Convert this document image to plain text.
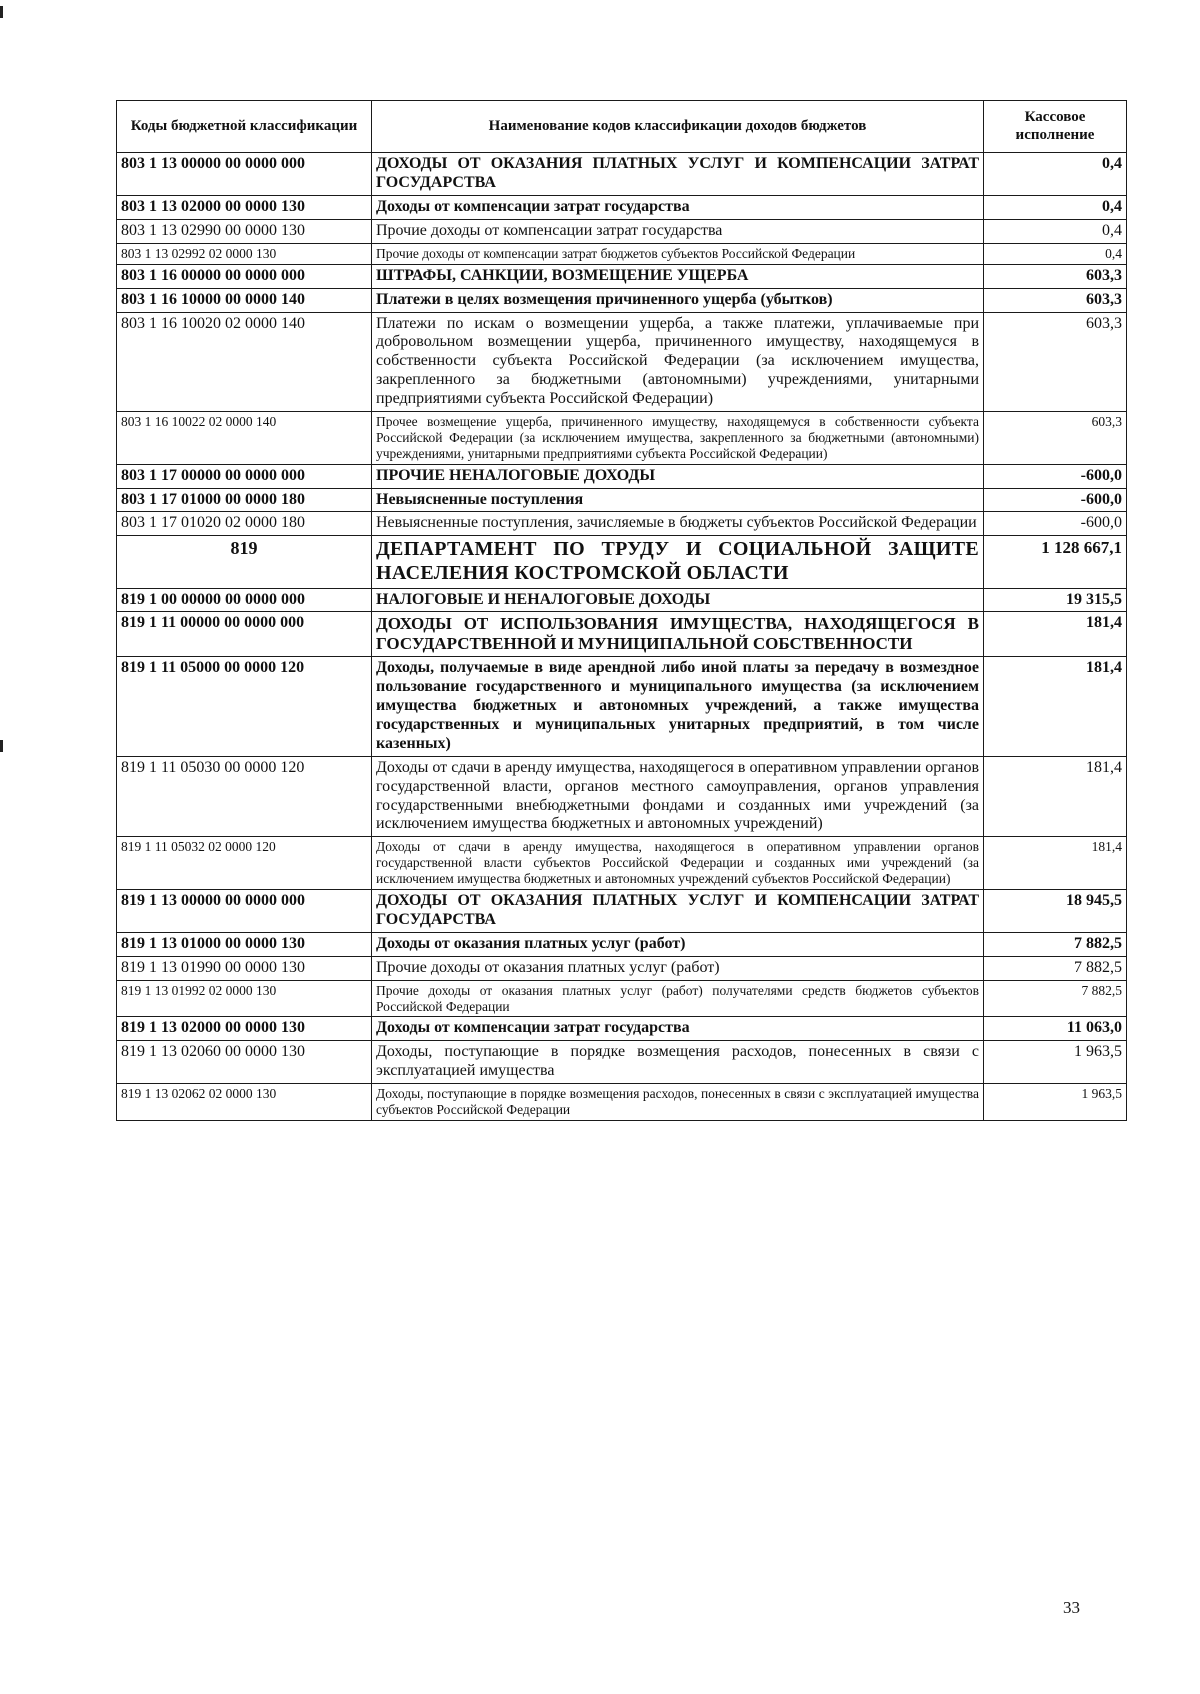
Коды бюджетной классификации	Наименование кодов классификации доходов бюджетов	Кассовое исполнение
803 1 13 00000 00 0000 000	ДОХОДЫ ОТ ОКАЗАНИЯ ПЛАТНЫХ УСЛУГ И КОМПЕНСАЦИИ ЗАТРАТ ГОСУДАРСТВА	0,4
803 1 13 02000 00 0000 130	Доходы от компенсации затрат государства	0,4
803 1 13 02990 00 0000 130	Прочие доходы от компенсации затрат государства	0,4
803 1 13 02992 02 0000 130	Прочие доходы от компенсации затрат бюджетов субъектов Российской Федерации	0,4
803 1 16 00000 00 0000 000	ШТРАФЫ, САНКЦИИ, ВОЗМЕЩЕНИЕ УЩЕРБА	603,3
803 1 16 10000 00 0000 140	Платежи в целях возмещения причиненного ущерба (убытков)	603,3
803 1 16 10020 02 0000 140	Платежи по искам о возмещении ущерба, а также платежи, уплачиваемые при добровольном возмещении ущерба, причиненного имуществу, находящемуся в собственности субъекта Российской Федерации (за исключением имущества, закрепленного за бюджетными (автономными) учреждениями, унитарными предприятиями субъекта Российской Федерации)	603,3
803 1 16 10022 02 0000 140	Прочее возмещение ущерба, причиненного имуществу, находящемуся в собственности субъекта Российской Федерации (за исключением имущества, закрепленного за бюджетными (автономными) учреждениями, унитарными предприятиями субъекта Российской Федерации)	603,3
803 1 17 00000 00 0000 000	ПРОЧИЕ НЕНАЛОГОВЫЕ ДОХОДЫ	-600,0
803 1 17 01000 00 0000 180	Невыясненные поступления	-600,0
803 1 17 01020 02 0000 180	Невыясненные поступления, зачисляемые в бюджеты субъектов Российской Федерации	-600,0
819	ДЕПАРТАМЕНТ ПО ТРУДУ И СОЦИАЛЬНОЙ ЗАЩИТЕ НАСЕЛЕНИЯ КОСТРОМСКОЙ ОБЛАСТИ	1 128 667,1
819 1 00 00000 00 0000 000	НАЛОГОВЫЕ И НЕНАЛОГОВЫЕ ДОХОДЫ	19 315,5
819 1 11 00000 00 0000 000	ДОХОДЫ ОТ ИСПОЛЬЗОВАНИЯ ИМУЩЕСТВА, НАХОДЯЩЕГОСЯ В ГОСУДАРСТВЕННОЙ И МУНИЦИПАЛЬНОЙ СОБСТВЕННОСТИ	181,4
819 1 11 05000 00 0000 120	Доходы, получаемые в виде арендной либо иной платы за передачу в возмездное пользование государственного и муниципального имущества (за исключением имущества бюджетных и автономных учреждений, а также имущества государственных и муниципальных унитарных предприятий, в том числе казенных)	181,4
819 1 11 05030 00 0000 120	Доходы от сдачи в аренду имущества, находящегося в оперативном управлении органов государственной власти, органов местного самоуправления, органов управления государственными внебюджетными фондами и созданных ими учреждений (за исключением имущества бюджетных и автономных учреждений)	181,4
819 1 11 05032 02 0000 120	Доходы от сдачи в аренду имущества, находящегося в оперативном управлении органов государственной власти субъектов Российской Федерации и созданных ими учреждений (за исключением имущества бюджетных и автономных учреждений субъектов Российской Федерации)	181,4
819 1 13 00000 00 0000 000	ДОХОДЫ ОТ ОКАЗАНИЯ ПЛАТНЫХ УСЛУГ И КОМПЕНСАЦИИ ЗАТРАТ ГОСУДАРСТВА	18 945,5
819 1 13 01000 00 0000 130	Доходы от оказания платных услуг (работ)	7 882,5
819 1 13 01990 00 0000 130	Прочие доходы от оказания платных услуг (работ)	7 882,5
819 1 13 01992 02 0000 130	Прочие доходы от оказания платных услуг (работ) получателями средств бюджетов субъектов Российской Федерации	7 882,5
819 1 13 02000 00 0000 130	Доходы от компенсации затрат государства	11 063,0
819 1 13 02060 00 0000 130	Доходы, поступающие в порядке возмещения расходов, понесенных в связи с эксплуатацией имущества	1 963,5
819 1 13 02062 02 0000 130	Доходы, поступающие в порядке возмещения расходов, понесенных в связи с эксплуатацией имущества субъектов Российской Федерации	1 963,5
33
